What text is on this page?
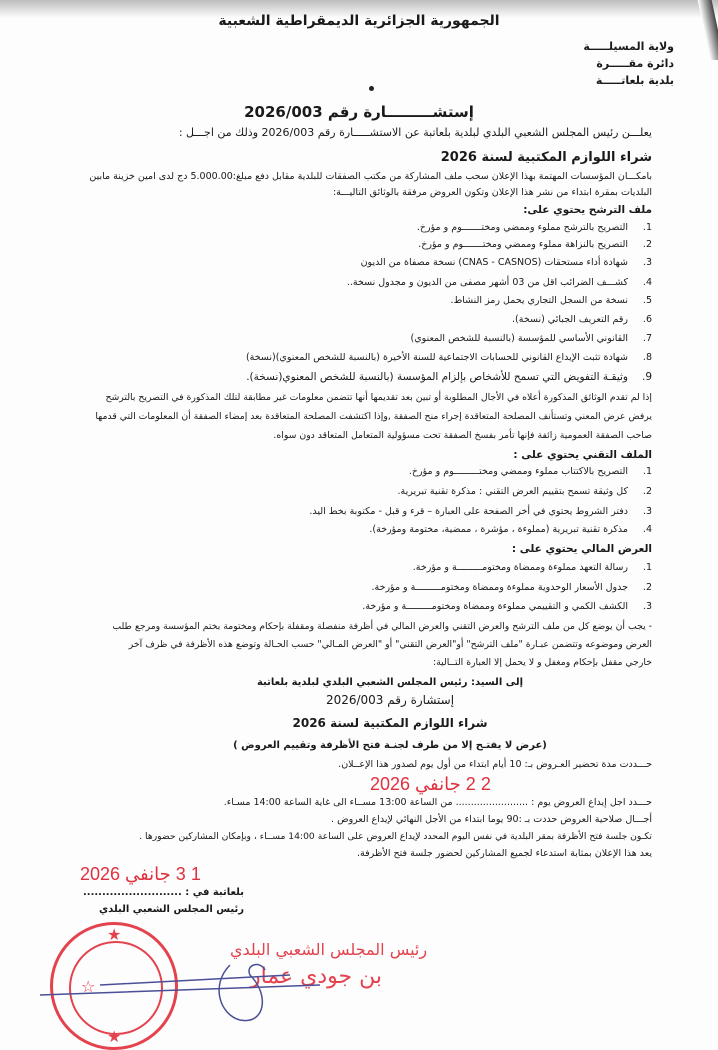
الجمهورية الجزائرية الديمقراطية الشعبية
ولاية المسيلـــــة
دائرة مقـــــرة
بلدية بلعاتـــــة
إستشـــــــــارة رقم 2026/003
يعلـــن رئيس المجلس الشعبي البلدي لبلدية بلعاتبة عن الاستشـــــارة رقم 2026/003 وذلك من اجـــل :
شراء اللوازم المكتبية لسنة 2026
بامكـــان المؤسسات المهتمة بهذا الإعلان سحب ملف المشاركة من مكتب الصفقات للبلدية مقابل دفع مبلغ:5.000.00 دج لدى امين خزينة مابين
البلديات بمقرة ابتداء من نشر هذا الإعلان وتكون العروض مرفقة بالوثائق التاليـــة:
ملف الترشح يحتوي على:
1.التصريح بالترشح مملوء وممضي ومختـــــــوم و مؤرخ.
2.التصريح بالنزاهة مملوء وممضي ومختـــــــوم و مؤرخ.
3.شهادة أداء مستحقات (CNAS - CASNOS) نسخة مصفاة من الديون
4.كشـــف الضرائب اقل من 03 أشهر مصفى من الديون و مجدول نسخة..
5.نسخة من السجل التجاري يحمل رمز النشاط.
6.رقم التعريف الجبائي (نسخة).
7.القانوني الأساسي للمؤسسة (بالنسبة للشخص المعنوي)
8.شهادة تثبت الإيداع القانوني للحسابات الاجتماعية للسنة الأخيرة (بالنسبة للشخص المعنوي)(نسخة)
9.وثيقـة التفويض التي تسمح للأشخاص بإلزام المؤسسة (بالنسبة للشخص المعنوي(نسخة).
إذا لم تقدم الوثائق المذكورة أعلاه في الأجال المطلوبة أو تبين بعد تقديمها أنها تتضمن معلومات غير مطابقة لتلك المذكورة في التصريح بالترشح
يرفض عرض المعني وتستأنف المصلحة المتعاقدة إجراء منح الصفقة ,وإذا اكتشفت المصلحة المتعاقدة بعد إمضاء الصفقة أن المعلومات التي قدمها
صاحب الصفقة العمومية زائفة فإنها تأمر بفسخ الصفقة تحت مسؤولية المتعامل المتعاقد دون سواه.
الملف التقني يحتوي على :
1.التصريح بالاكتتاب مملوء وممضي ومختـــــــــوم و مؤرخ.
2.كل وثيقة تسمح بتقييم العرض التقني : مذكرة تقنية تبريرية.
3.دفتر الشروط يحتوي في أخر الصفحة على العبارة – قرء و قبل - مكتوبة بخط اليد.
4.مذكرة تقنية تبريرية (مملوءة ، مؤشرة ، ممضية، مختومة ومؤرخة).
العرض المالي يحتوي على :
1.رسالة التعهد مملوءة وممضاة ومختومـــــــــة و مؤرخة.
2.جدول الأسعار الوحدوية مملوءة وممضاة ومختومـــــــــة و مؤرخة.
3.الكشف الكمي و التقييمي مملوءة وممضاة ومختومـــــــــة و مؤرخة.
- يجب أن يوضع كل من ملف الترشح والعرض التقني والعرض المالي في أظرفة منفصلة ومقفلة بإحكام ومختومة بختم المؤسسة ومرجع طلب
العرض وموضوعه وتتضمن عبـارة "ملف الترشح" أو"العرض التقني" أو "العرض المـالي" حسب الحـالة وتوضع هذه الأظرفة في ظرف آخر
خارجي مقفل بإحكام ومغفل و لا يحمل إلا العبارة التــالية:
إلى السيد: رئيس المجلس الشعبي البلدي لبلدية بلعاتبة
إستشارة رقم 2026/003
شراء اللوازم المكتبية لسنة 2026
(عرض لا يفتـح إلا من طرف لجنـة فتح الأظرفة وتقييم العروض )
حـــددت مدة تحضير العـروض بـ: 10 أيام ابتداء من أول يوم لصدور هذا الإعــلان.
2 2 جانفي 2026
حـــدد اجل إيداع العروض يوم : ........................ من الساعة 13:00 مســاء الى غاية الساعة 14:00 مسـاء.
أجـــال صلاحية العروض حددت بـ :90 يوما ابتداء من الأجل النهائي لإيداع العروض .
تكـون جلسة فتح الأظرفة بمقر البلدية في نفس اليوم المحدد لإيداع العروض على الساعة 14:00 مســاء ، وبإمكان المشاركين حضورها .
يعد هذا الإعلان بمثابة استدعاء لجميع المشاركين لحضور جلسة فتح الأظرفة.
1 3 جانفي 2026
بلعاتبة في : ..........................
رئيس المجلس الشعبي البلدي
★
★
☆
رئيس المجلس الشعبي البلدي
بن جودي عمار
